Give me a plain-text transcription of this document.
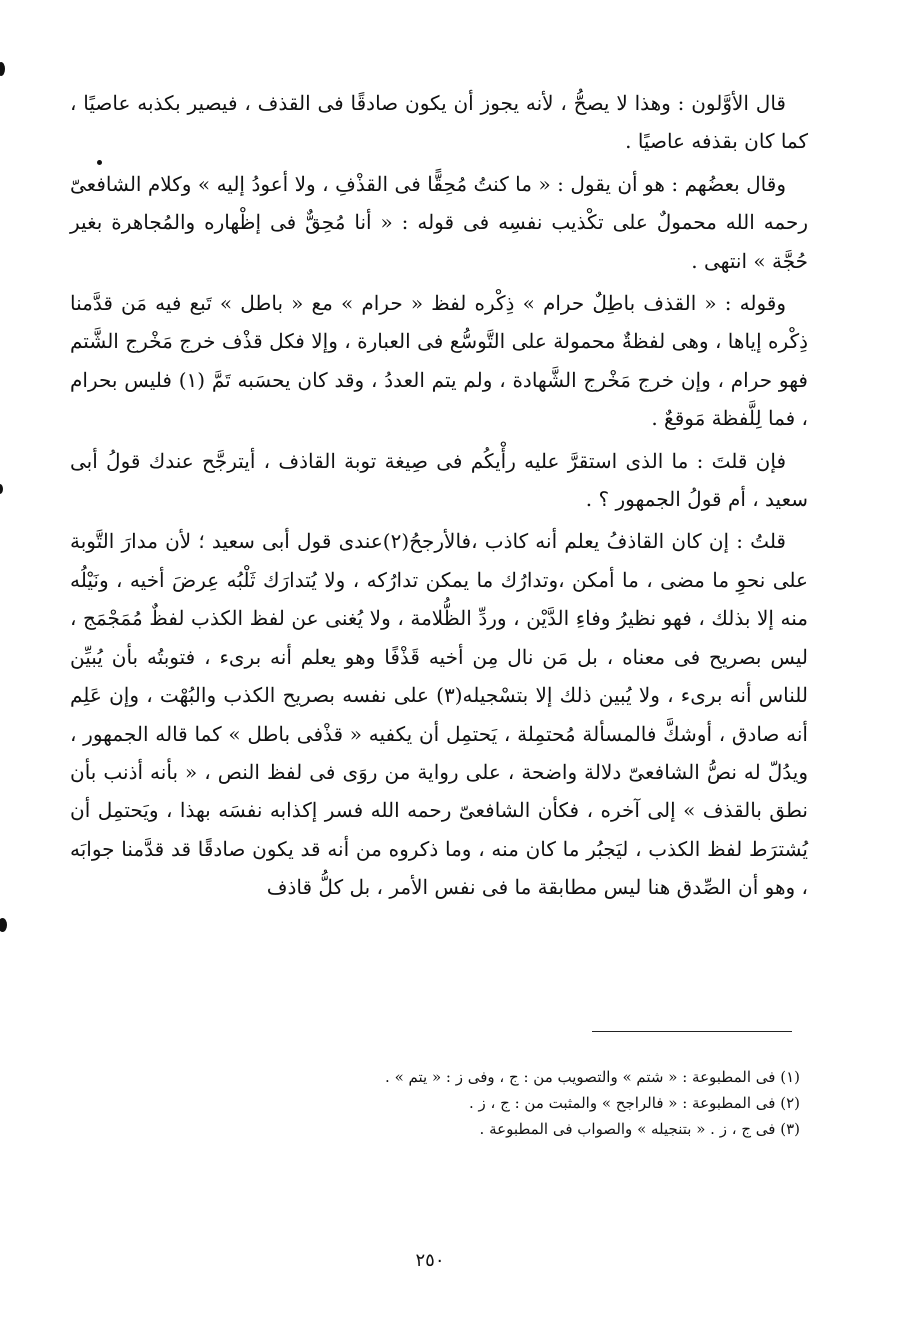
قال الأوَّلون : وهذا لا يصحُّ ، لأنه يجوز أن يكون صادقًا فى القذف ، فيصير بكذبه عاصيًا ، كما كان بقذفه عاصيًا .

وقال بعضُهم : هو أن يقول : « ما كنتُ مُحِقًّا فى القذْفِ ، ولا أعودُ إليه » وكلام الشافعىّ رحمه الله محمولٌ على تكْذيب نفسِه فى قوله : « أنا مُحِقٌّ فى إظْهاره والمُجاهرة بغير حُجَّة » انتهى .

وقوله : « القذف باطِلٌ حرام » ذِكْره لفظ « حرام » مع « باطل » تَبع فيه مَن قدَّمنا ذِكْره إياها ، وهى لفظةٌ محمولة على التَّوسُّع فى العبارة ، وإلا فكل قذْف خرج مَخْرج الشَّتم فهو حرام ، وإن خرج مَخْرج الشَّهادة ، ولم يتم العددُ ، وقد كان يحسَبه تَمَّ (١) فليس بحرام ، فما لِلَّفظة مَوقعٌ .

فإن قلتَ : ما الذى استقرَّ عليه رأْيكُم فى صِيغة توبة القاذف ، أيترجَّح عندك قولُ أبى سعيد ، أم قولُ الجمهور ؟ .

قلتُ : إن كان القاذفُ يعلم أنه كاذب ،فالأرجحُ(٢)عندى قول أبى سعيد ؛ لأن مدارَ التَّوبة على نحوِ ما مضى ، ما أمكن ،وتدارُك ما يمكن تدارُكه ، ولا يُتدارَك ثَلْبُه عِرضَ أخيه ، ونَيْلُه منه إلا بذلك ، فهو نظيرُ وفاءِ الدَّيْن ، وردِّ الظُّلامة ، ولا يُغنى عن لفظ الكذب لفظٌ مُمَجْمَج ، ليس بصريح فى معناه ، بل مَن نال مِن أخيه قَذْفًا وهو يعلم أنه برىء ، فتوبتُه بأن يُبيِّن للناس أنه برىء ، ولا يُبين ذلك إلا بتسْجيله(٣) على نفسه بصريح الكذب والبُهْت ، وإن عَلِم أنه صادق ، أوشكَّ فالمسألة مُحتمِلة ، يَحتمِل أن يكفيه « قذْفى باطل » كما قاله الجمهور ، ويدُلّ له نصُّ الشافعىّ دلالة واضحة ، على رواية من روَى فى لفظ النص ، « بأنه أذنب بأن نطق بالقذف » إلى آخره ، فكأن الشافعىّ رحمه الله فسر إكذابه نفسَه بهذا ، ويَحتمِل أن يُشترَط لفظ الكذب ، ليَجبُر ما كان منه ، وما ذكروه من أنه قد يكون صادقًا قد قدَّمنا جوابَه ، وهو أن الصِّدق هنا ليس مطابقة ما فى نفس الأمر ، بل كلُّ قاذف

(١) فى المطبوعة : « شتم » والتصويب من : ج ، وفى ز : « يتم » .

(٢) فى المطبوعة : « فالراجح » والمثبت من : ج ، ز .

(٣) فى ج ، ز . « بتنجيله » والصواب فى المطبوعة .

٢٥٠
